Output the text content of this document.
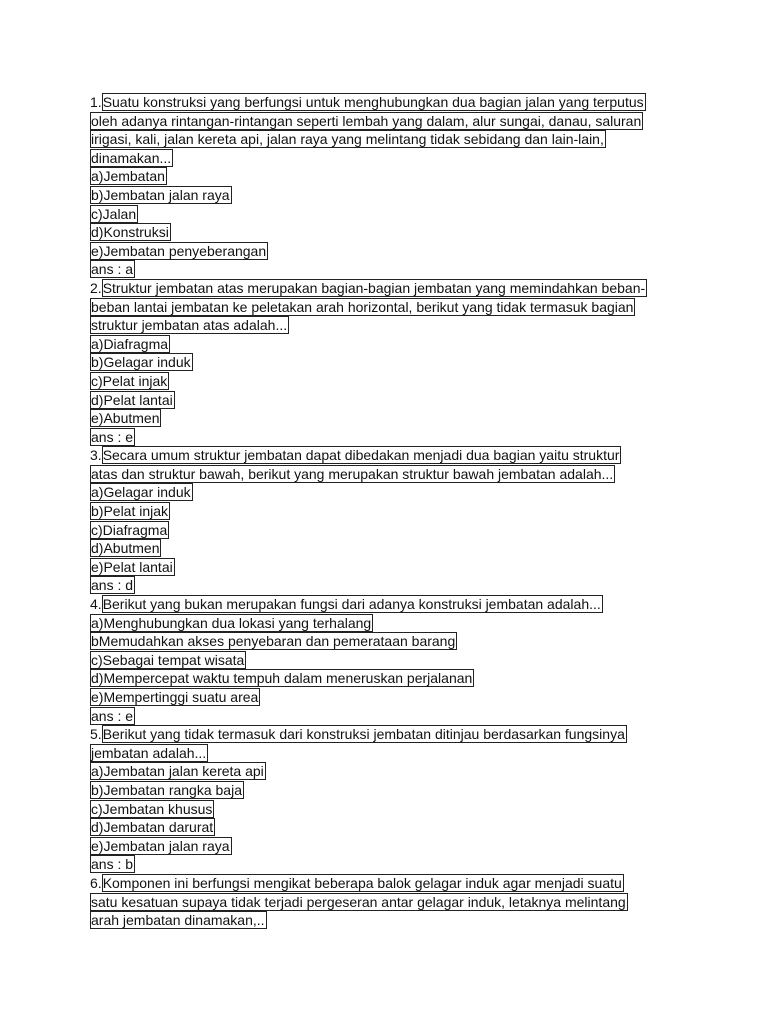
1.Suatu konstruksi yang berfungsi untuk menghubungkan dua bagian jalan yang terputus
oleh adanya rintangan-rintangan seperti lembah yang dalam, alur sungai, danau, saluran
irigasi, kali, jalan kereta api, jalan raya yang melintang tidak sebidang dan lain-lain,
dinamakan...
a)Jembatan
b)Jembatan jalan raya
c)Jalan
d)Konstruksi
e)Jembatan penyeberangan
ans : a
2.Struktur jembatan atas merupakan bagian-bagian jembatan yang memindahkan beban-
beban lantai jembatan ke peletakan arah horizontal, berikut yang tidak termasuk bagian
struktur jembatan atas adalah...
a)Diafragma
b)Gelagar induk
c)Pelat injak
d)Pelat lantai
e)Abutmen
ans : e
3.Secara umum struktur jembatan dapat dibedakan menjadi dua bagian yaitu struktur
atas dan struktur bawah, berikut yang merupakan struktur bawah jembatan adalah...
a)Gelagar induk
b)Pelat injak
c)Diafragma
d)Abutmen
e)Pelat lantai
ans : d
4.Berikut yang bukan merupakan fungsi dari adanya konstruksi jembatan adalah...
a)Menghubungkan dua lokasi yang terhalang
bMemudahkan akses penyebaran dan pemerataan barang
c)Sebagai tempat wisata
d)Mempercepat waktu tempuh dalam meneruskan perjalanan
e)Mempertinggi suatu area
ans : e
5.Berikut yang tidak termasuk dari konstruksi jembatan ditinjau berdasarkan fungsinya
jembatan adalah...
a)Jembatan jalan kereta api
b)Jembatan rangka baja
c)Jembatan khusus
d)Jembatan darurat
e)Jembatan jalan raya
ans : b
6.Komponen ini berfungsi mengikat beberapa balok gelagar induk agar menjadi suatu
satu kesatuan supaya tidak terjadi pergeseran antar gelagar induk, letaknya melintang
arah jembatan dinamakan,..
